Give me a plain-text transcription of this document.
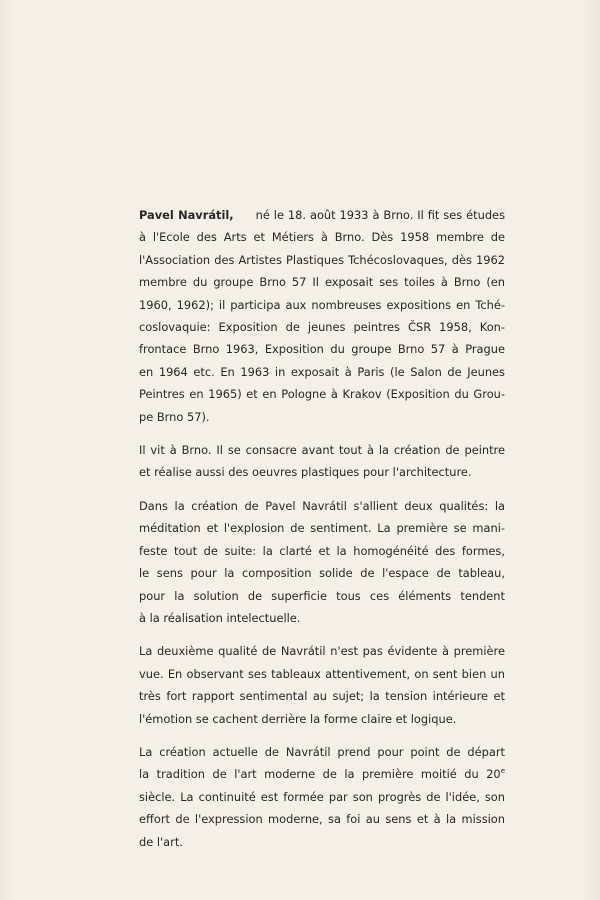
Pavel Navrátil, né le 18. août 1933 à Brno. Il fit ses études
à l'Ecole des Arts et Métiers à Brno. Dès 1958 membre de
l'Association des Artistes Plastiques Tchécoslovaques, dès 1962
membre du groupe Brno 57 Il exposait ses toiles à Brno (en
1960, 1962); il participa aux nombreuses expositions en Tché-
coslovaquie: Exposition de jeunes peintres ČSR 1958, Kon-
frontace Brno 1963, Exposition du groupe Brno 57 à Prague
en 1964 etc. En 1963 in exposait à Paris (le Salon de Jeunes
Peintres en 1965) et en Pologne à Krakov (Exposition du Grou-
pe Brno 57).

Il vit à Brno. Il se consacre avant tout à la création de peintre
et réalise aussi des oeuvres plastiques pour l'architecture.

Dans la création de Pavel Navrátil s'allient deux qualités: la
méditation et l'explosion de sentiment. La première se mani-
feste tout de suite: la clarté et la homogénéité des formes,
le sens pour la composition solide de l'espace de tableau,
pour la solution de superficie tous ces éléments tendent
à la réalisation intelectuelle.

La deuxième qualité de Navrátil n'est pas évidente à première
vue. En observant ses tableaux attentivement, on sent bien un
très fort rapport sentimental au sujet; la tension intérieure et
l'émotion se cachent derrière la forme claire et logique.

La création actuelle de Navrátil prend pour point de départ
la tradition de l'art moderne de la première moitié du 20e
siècle. La continuité est formée par son progrès de l'idée, son
effort de l'expression moderne, sa foi au sens et à la mission
de l'art.
